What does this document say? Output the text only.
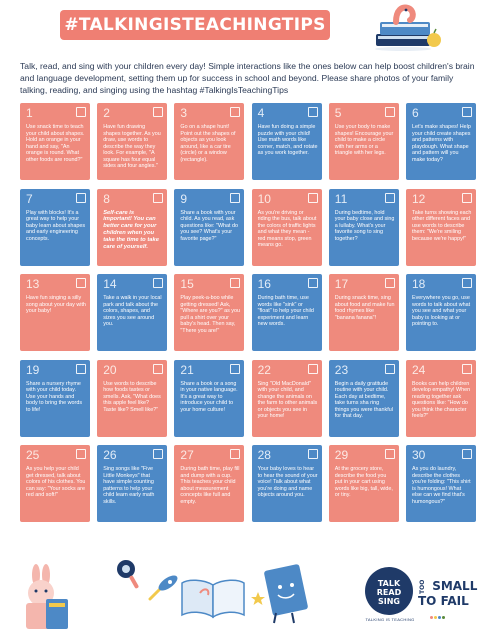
#TALKINGISTEACHINGTIPS CALENDAR
Talk, read, and sing with your children every day! Simple interactions like the ones below can help boost children's brain and language development, setting them up for success in school and beyond. Please share photos of your family talking, reading, and singing using the hashtag #TalkingIsTeachingTips
1
Use snack time to teach your child about shapes. Hold an orange in your hand and say, "An orange is round. What other foods are round?"
2
Have fun drawing shapes together. As you draw, use words to describe the way they look. For example, "A square has four equal sides and four angles."
3
Go on a shape hunt! Point out the shapes of objects as you look around, like a car tire (circle) or a window (rectangle).
4
Have fun doing a simple puzzle with your child! Use math words like corner, match, and rotate as you work together.
5
Use your body to make shapes! Encourage your child to make a circle with her arms or a triangle with her legs.
6
Let's make shapes! Help your child create shapes and patterns with playdough. What shape and pattern will you make today?
7
Play with blocks! It's a great way to help your baby learn about shapes and early engineering concepts.
8
Self-care is important! You can better care for your children when you take the time to take care of yourself.
9
Share a book with your child. As you read, ask questions like: "What do you see? What's your favorite page?"
10
As you're driving or riding the bus, talk about the colors of traffic lights and what they mean - red means stop, green means go.
11
During bedtime, hold your baby close and sing a lullaby. What's your favorite song to sing together?
12
Take turns showing each other different faces and use words to describe them: "We're smiling because we're happy!"
13
Have fun singing a silly song about your day with your baby!
14
Take a walk in your local park and talk about the colors, shapes, and sizes you see around you.
15
Play peek-a-boo while getting dressed! Ask, "Where are you?" as you pull a shirt over your baby's head. Then say, "There you are!"
16
During bath time, use words like "sink" or "float" to help your child experiment and learn new words.
17
During snack time, sing about food and make fun food rhymes like "banana fanana"!
18
Everywhere you go, use words to talk about what you see and what your baby is looking at or pointing to.
19
Share a nursery rhyme with your child today. Use your hands and body to bring the words to life!
20
Use words to describe how foods tastes or smells. Ask, "What does this apple feel like? Taste like? Smell like?"
21
Share a book or a song in your native language. It's a great way to introduce your child to your home culture!
22
Sing "Old MacDonald" with your child, and change the animals on the farm to other animals or objects you see in your home!
23
Begin a daily gratitude routine with your child. Each day at bedtime, take turns sha ring things you were thankful for that day.
24
Books can help children develop empathy! When reading together ask questions like: "How do you think the character feels?"
25
As you help your child get dressed, talk about colors of his clothes. You can say: "Your socks are red and soft!"
26
Sing songs like "Five Little Monkeys" that have simple counting patterns to help your child learn early math skills.
27
During bath time, play fill and dump with a cup. This teaches your child about measurement concepts like full and empty.
28
Your baby loves to hear to hear the sound of your voice! Talk about what you're doing and name objects around you.
29
At the grocery store, describe the food you put in your cart using words like big, tall, wide, or tiny.
30
As you do laundry, describe the clothes you're folding: "This shirt is humongous! What else can we find that's humongous?"
TALK
READ
SING
TALKING IS TEACHING
TOO SMALL TO FAIL
